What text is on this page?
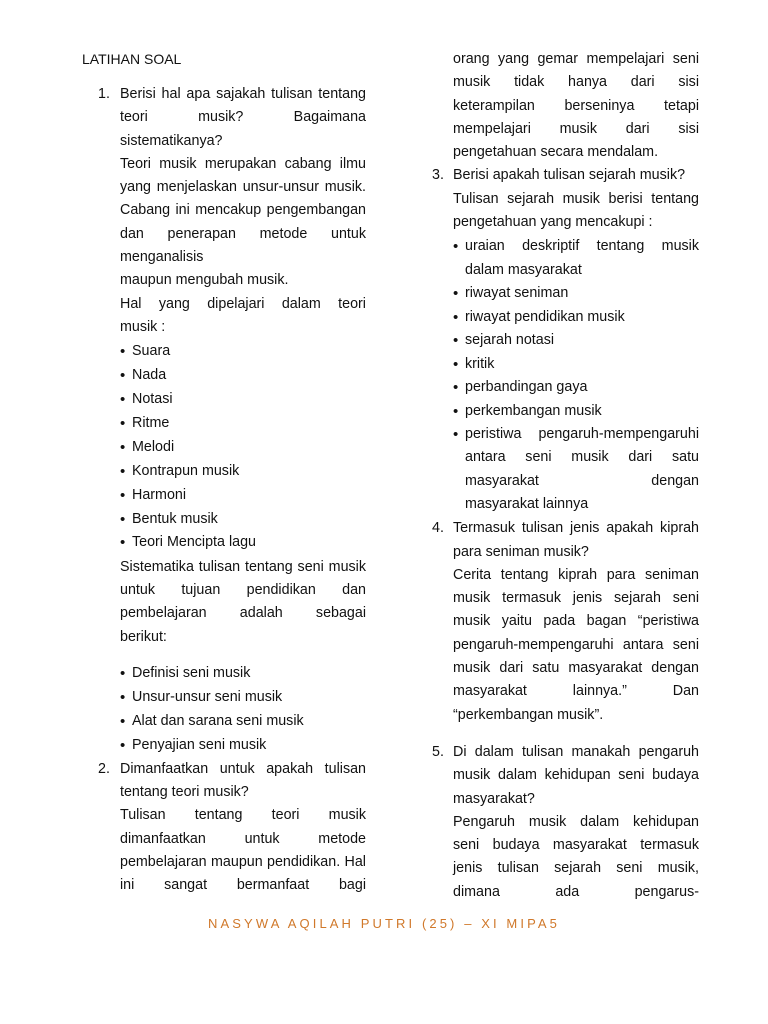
LATIHAN SOAL
1. Berisi hal apa sajakah tulisan tentang teori musik? Bagaimana
sistematikanya?
Teori musik merupakan cabang ilmu yang menjelaskan unsur-unsur musik. Cabang ini mencakup pengembangan dan penerapan metode untuk menganalisis
maupun mengubah musik.
Hal yang dipelajari dalam teori
musik :
• Suara
• Nada
• Notasi
• Ritme
• Melodi
• Kontrapun musik
• Harmoni
• Bentuk musik
• Teori Mencipta lagu
Sistematika tulisan tentang seni musik untuk tujuan pendidikan dan pembelajaran adalah sebagai
berikut:
• Definisi seni musik
• Unsur-unsur seni musik
• Alat dan sarana seni musik
• Penyajian seni musik
2. Dimanfaatkan untuk apakah tulisan
tentang teori musik?
Tulisan tentang teori musik dimanfaatkan untuk metode pembelajaran maupun pendidikan. Hal ini sangat bermanfaat bagi
orang yang gemar mempelajari seni musik tidak hanya dari sisi keterampilan berseninya tetapi mempelajari musik dari sisi
pengetahuan secara mendalam.
3. Berisi apakah tulisan sejarah musik?
Tulisan sejarah musik berisi tentang
pengetahuan yang mencakupi :
• uraian deskriptif tentang musik
dalam masyarakat
• riwayat seniman
• riwayat pendidikan musik
• sejarah notasi
• kritik
• perbandingan gaya
• perkembangan musik
• peristiwa pengaruh-mempengaruhi antara seni musik dari satu masyarakat dengan
masyarakat lainnya
4. Termasuk tulisan jenis apakah kiprah
para seniman musik?
Cerita tentang kiprah para seniman musik termasuk jenis sejarah seni musik yaitu pada bagan “peristiwa pengaruh-mempengaruhi antara seni musik dari satu masyarakat dengan masyarakat lainnya.” Dan
“perkembangan musik”.
5. Di dalam tulisan manakah pengaruh musik dalam kehidupan seni budaya
masyarakat?
Pengaruh musik dalam kehidupan seni budaya masyarakat termasuk jenis tulisan sejarah seni musik, dimana ada pengarus-
NASYWA AQILAH PUTRI (25) – XI MIPA5
